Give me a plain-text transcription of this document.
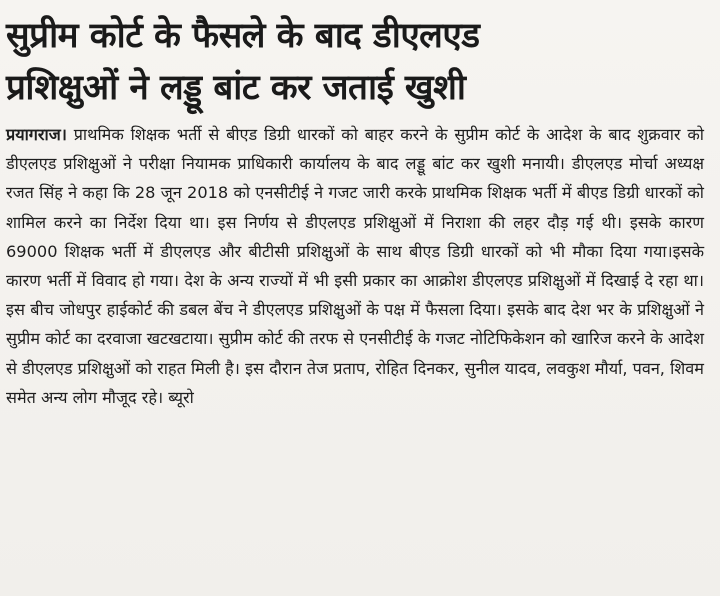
सुप्रीम कोर्ट के फैसले के बाद डीएलएड
प्रशिक्षुओं ने लड्डू बांट कर जताई खुशी

प्रयागराज। प्राथमिक शिक्षक भर्ती से बीएड डिग्री धारकों को बाहर करने के सुप्रीम कोर्ट के आदेश के बाद शुक्रवार को डीएलएड प्रशिक्षुओं ने परीक्षा नियामक प्राधिकारी कार्यालय के बाद लड्डू बांट कर खुशी मनायी। डीएलएड मोर्चा अध्यक्ष रजत सिंह ने कहा कि 28 जून 2018 को एनसीटीई ने गजट जारी करके प्राथमिक शिक्षक भर्ती में बीएड डिग्री धारकों को शामिल करने का निर्देश दिया था। इस निर्णय से डीएलएड प्रशिक्षुओं में निराशा की लहर दौड़ गई थी। इसके कारण 69000 शिक्षक भर्ती में डीएलएड और बीटीसी प्रशिक्षुओं के साथ बीएड डिग्री धारकों को भी मौका दिया गया।इसके कारण भर्ती में विवाद हो गया। देश के अन्य राज्यों में भी इसी प्रकार का आक्रोश डीएलएड प्रशिक्षुओं में दिखाई दे रहा था। इस बीच जोधपुर हाईकोर्ट की डबल बेंच ने डीएलएड प्रशिक्षुओं के पक्ष में फैसला दिया। इसके बाद देश भर के प्रशिक्षुओं ने सुप्रीम कोर्ट का दरवाजा खटखटाया। सुप्रीम कोर्ट की तरफ से एनसीटीई के गजट नोटिफिकेशन को खारिज करने के आदेश से डीएलएड प्रशिक्षुओं को राहत मिली है। इस दौरान तेज प्रताप, रोहित दिनकर, सुनील यादव, लवकुश मौर्या, पवन, शिवम समेत अन्य लोग मौजूद रहे। ब्यूरो
